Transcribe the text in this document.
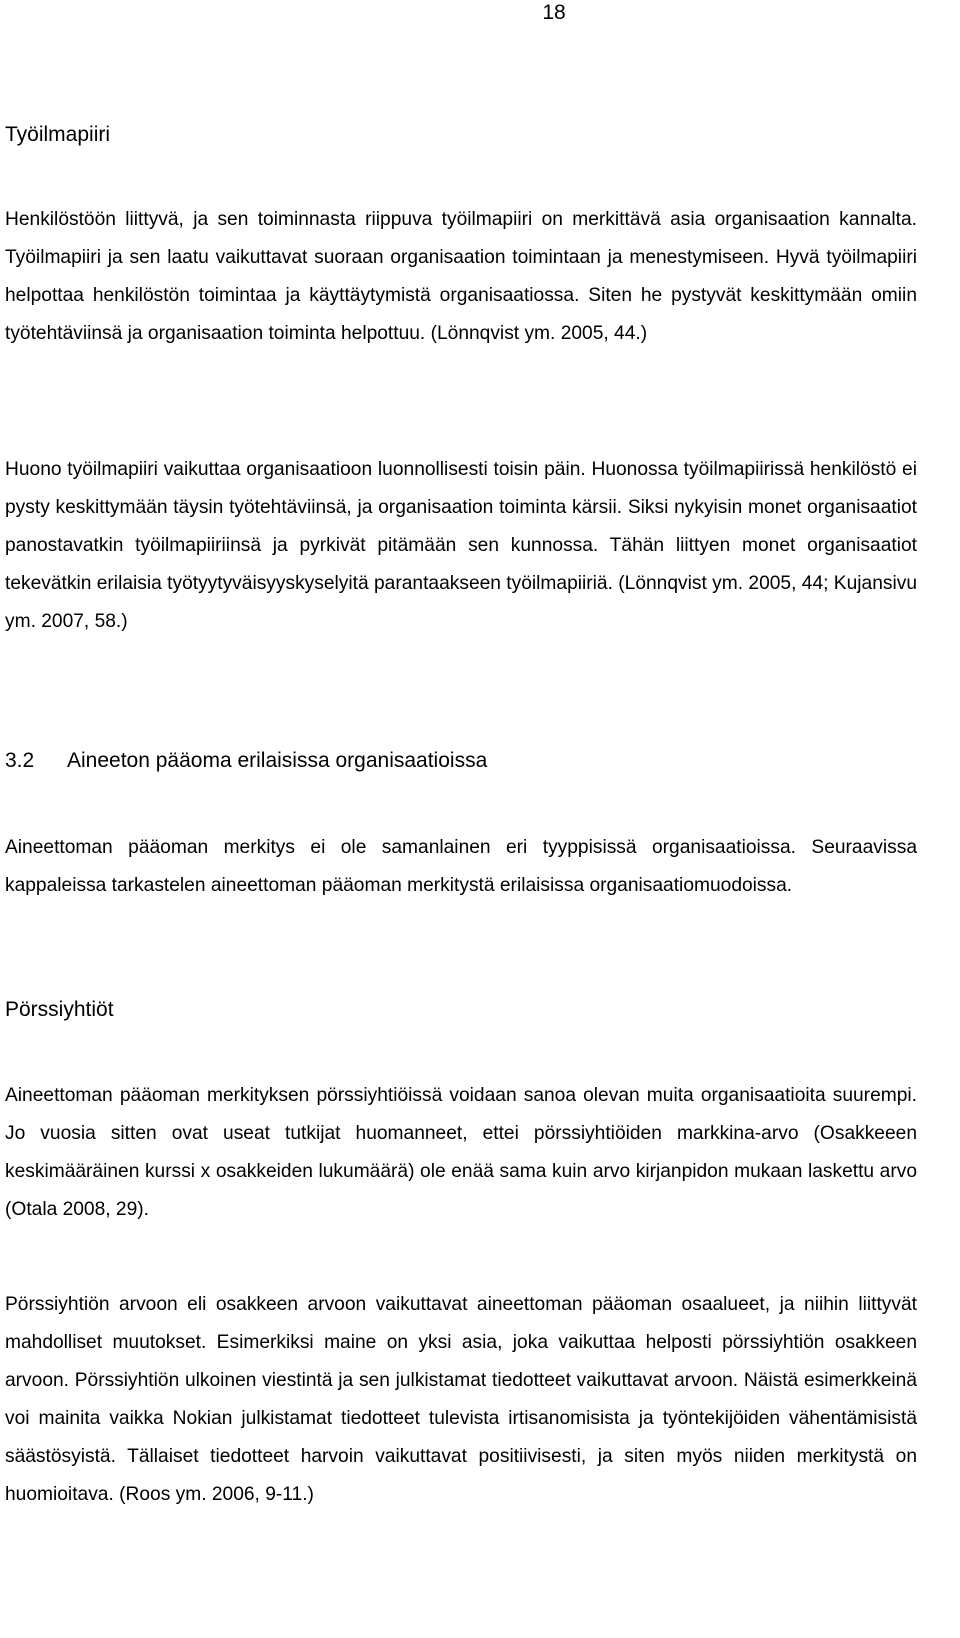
18
Työilmapiiri

Henkilöstöön liittyvä, ja sen toiminnasta riippuva työilmapiiri on merkittävä asia organisaation kannalta. Työilmapiiri ja sen laatu vaikuttavat suoraan organisaation toimintaan ja menestymiseen. Hyvä työilmapiiri helpottaa henkilöstön toimintaa ja käyttäytymistä organisaatiossa. Siten he pystyvät keskittymään omiin työtehtäviinsä ja organisaation toiminta helpottuu. (Lönnqvist ym. 2005, 44.)

Huono työilmapiiri vaikuttaa organisaatioon luonnollisesti toisin päin. Huonossa työilmapiirissä henkilöstö ei pysty keskittymään täysin työtehtäviinsä, ja organisaation toiminta kärsii. Siksi nykyisin monet organisaatiot panostavatkin työilmapiiriinsä ja pyrkivät pitämään sen kunnossa. Tähän liittyen monet organisaatiot tekevätkin erilaisia työtyytyväisyyskyselyitä parantaakseen työilmapiiriä. (Lönnqvist ym. 2005, 44; Kujansivu ym. 2007, 58.)

3.2 Aineeton pääoma erilaisissa organisaatioissa

Aineettoman pääoman merkitys ei ole samanlainen eri tyyppisissä organisaatioissa. Seuraavissa kappaleissa tarkastelen aineettoman pääoman merkitystä erilaisissa organisaatiomuodoissa.

Pörssiyhtiöt

Aineettoman pääoman merkityksen pörssiyhtiöissä voidaan sanoa olevan muita organisaatioita suurempi. Jo vuosia sitten ovat useat tutkijat huomanneet, ettei pörssiyhtiöiden markkina-arvo (Osakkeeen keskimääräinen kurssi x osakkeiden lukumäärä) ole enää sama kuin arvo kirjanpidon mukaan laskettu arvo (Otala 2008, 29).

Pörssiyhtiön arvoon eli osakkeen arvoon vaikuttavat aineettoman pääoman osaalueet, ja niihin liittyvät mahdolliset muutokset. Esimerkiksi maine on yksi asia, joka vaikuttaa helposti pörssiyhtiön osakkeen arvoon. Pörssiyhtiön ulkoinen viestintä ja sen julkistamat tiedotteet vaikuttavat arvoon. Näistä esimerkkeinä voi mainita vaikka Nokian julkistamat tiedotteet tulevista irtisanomisista ja työntekijöiden vähentämisistä säästösyistä. Tällaiset tiedotteet harvoin vaikuttavat positiivisesti, ja siten myös niiden merkitystä on huomioitava. (Roos ym. 2006, 9-11.)
